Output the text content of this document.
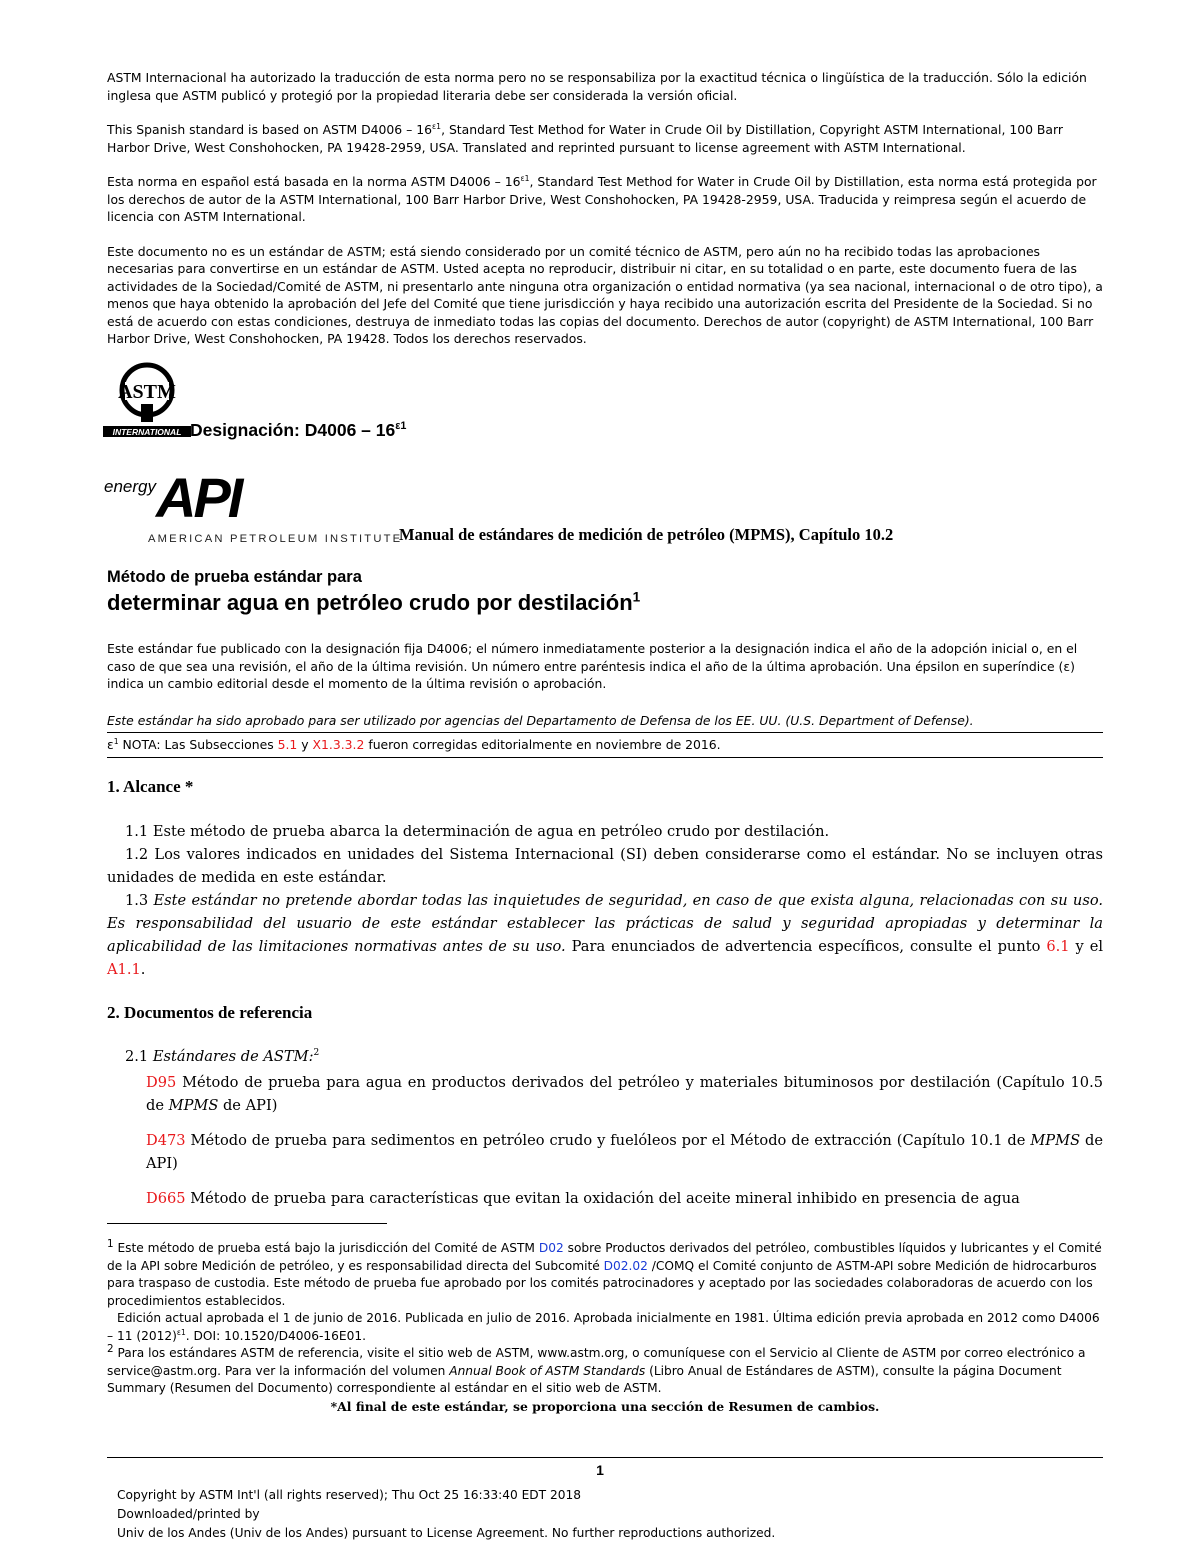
ASTM Internacional ha autorizado la traducción de esta norma pero no se responsabiliza por la exactitud técnica o lingüística de la traducción. Sólo la edición inglesa que ASTM publicó y protegió por la propiedad literaria debe ser considerada la versión oficial.

This Spanish standard is based on ASTM $D4006 - 16^{\varepsilon 1}$, Standard Test Method for Water in Crude Oil by Distillation, Copyright ASTM International, 100 Barr Harbor Drive, West Conshohocken, PA 19428-2959, USA. Translated and reprinted pursuant to license agreement with ASTM International.

Esta norma en español está basada en la norma ASTM $D4006 - 16^{\varepsilon 1}$, Standard Test Method for Water in Crude Oil by Distillation, esta norma está protegida por los derechos de autor de la ASTM International, 100 Barr Harbor Drive, West Conshohocken, PA 19428-2959, USA. Traducida y reimpresa según el acuerdo de licencia con ASTM International.

Este documento no es un estándar de ASTM; está siendo considerado por un comité técnico de ASTM, pero aún no ha recibido todas las aprobaciones necesarias para convertirse en un estándar de ASTM. Usted acepta no reproducir, distribuir ni citar, en su totalidad o en parte, este documento fuera de las actividades de la Sociedad/Comité de ASTM, ni presentarlo ante ninguna otra organización o entidad normativa (ya sea nacional, internacional o de otro tipo), a menos que haya obtenido la aprobación del Jefe del Comité que tiene jurisdicción y haya recibido una autorización escrita del Presidente de la Sociedad. Si no está de acuerdo con estas condiciones, destruya de inmediato todas las copias del documento. Derechos de autor (copyright) de ASTM International, 100 Barr Harbor Drive, West Conshohocken, PA 19428. Todos los derechos reservados.

ASTM
INTERNATIONAL Designación: $D4006 - 16^{\varepsilon 1}$
energy API
AMERICAN PETROLEUM INSTITUTE
Manual de estándares de medición de petróleo (MPMS), Capítulo 10.2
Método de prueba estándar para
determinar agua en petróleo crudo por destilación$^1$

Este estándar fue publicado con la designación fija D4006; el número inmediatamente posterior a la designación indica el año de la adopción inicial o, en el caso de que sea una revisión, el año de la última revisión. Un número entre paréntesis indica el año de la última aprobación. Una épsilon en superíndice (ε) indica un cambio editorial desde el momento de la última revisión o aprobación.

Este estándar ha sido aprobado para ser utilizado por agencias del Departamento de Defensa de los EE. UU. (U.S. Department of Defense).
$\varepsilon^1$ NOTA: Las Subsecciones 5.1 y X1.3.3.2 fueron corregidas editorialmente en noviembre de 2016.
1. Alcance *

1.1 Este método de prueba abarca la determinación de agua en petróleo crudo por destilación.

1.2 Los valores indicados en unidades del Sistema Internacional (SI) deben considerarse como el estándar. No se incluyen otras unidades de medida en este estándar.

1.3 Este estándar no pretende abordar todas las inquietudes de seguridad, en caso de que exista alguna, relacionadas con su uso. Es responsabilidad del usuario de este estándar establecer las prácticas de salud y seguridad apropiadas y determinar la aplicabilidad de las limitaciones normativas antes de su uso. Para enunciados de advertencia específicos, consulte el punto 6.1 y el A1.1.

2. Documentos de referencia

2.1 Estándares de ASTM:$^2$

D95 Método de prueba para agua en productos derivados del petróleo y materiales bituminosos por destilación (Capítulo 10.5 de MPMS de API)

D473 Método de prueba para sedimentos en petróleo crudo y fuelóleos por el Método de extracción (Capítulo 10.1 de MPMS de API)

D665 Método de prueba para características que evitan la oxidación del aceite mineral inhibido en presencia de agua

$^1$ Este método de prueba está bajo la jurisdicción del Comité de ASTM D02 sobre Productos derivados del petróleo, combustibles líquidos y lubricantes y el Comité de la API sobre Medición de petróleo, y es responsabilidad directa del Subcomité D02.02 /COMQ el Comité conjunto de ASTM-API sobre Medición de hidrocarburos para traspaso de custodia. Este método de prueba fue aprobado por los comités patrocinadores y aceptado por las sociedades colaboradoras de acuerdo con los procedimientos establecidos.

Edición actual aprobada el 1 de junio de 2016. Publicada en julio de 2016. Aprobada inicialmente en 1981. Última edición previa aprobada en 2012 como D4006 – 11 $(2012)^{\varepsilon 1}$. DOI: 10.1520/D4006-16E01.

$^2$ Para los estándares ASTM de referencia, visite el sitio web de ASTM, www.astm.org, o comuníquese con el Servicio al Cliente de ASTM por correo electrónico a service@astm.org. Para ver la información del volumen Annual Book of ASTM Standards (Libro Anual de Estándares de ASTM), consulte la página Document Summary (Resumen del Documento) correspondiente al estándar en el sitio web de ASTM.

*Al final de este estándar, se proporciona una sección de Resumen de cambios.

1
Copyright by ASTM Int'l (all rights reserved); Thu Oct 25 16:33:40 EDT 2018
Downloaded/printed by
Univ de los Andes (Univ de los Andes) pursuant to License Agreement. No further reproductions authorized.
